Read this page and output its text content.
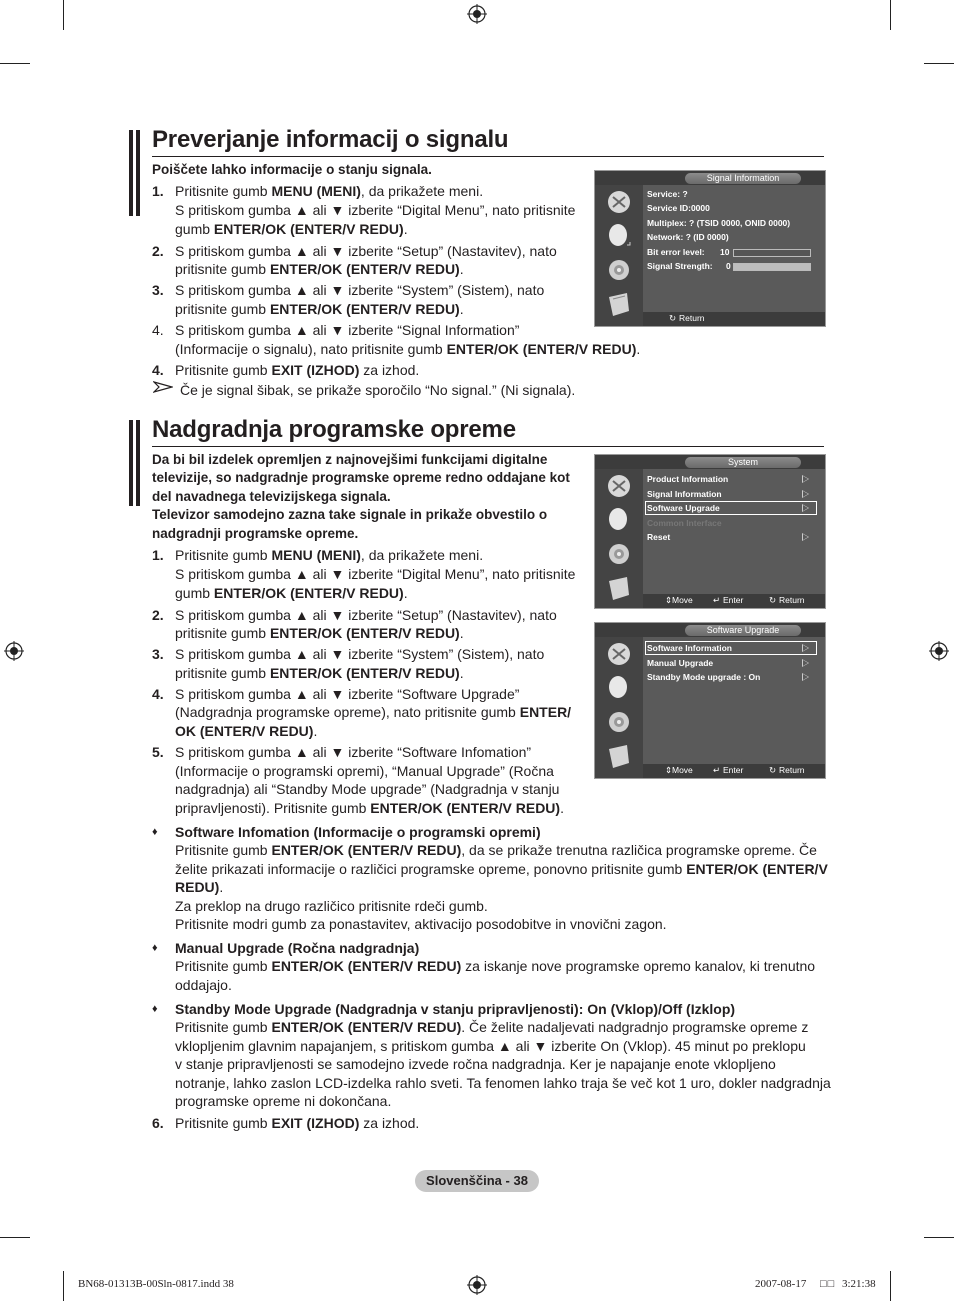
Preverjanje informacij o signalu
Poiščete lahko informacije o stanju signala.
1. Pritisnite gumb MENU (MENI), da prikažete meni.
S pritiskom gumba ▲ ali ▼ izberite “Digital Menu”, nato pritisnite
gumb ENTER/OK (ENTER/V REDU).
2. S pritiskom gumba ▲ ali ▼ izberite “Setup” (Nastavitev), nato
pritisnite gumb ENTER/OK (ENTER/V REDU).
3. S pritiskom gumba ▲ ali ▼ izberite “System” (Sistem), nato
pritisnite gumb ENTER/OK (ENTER/V REDU).
4. S pritiskom gumba ▲ ali ▼ izberite “Signal Information”
(Informacije o signalu), nato pritisnite gumb ENTER/OK (ENTER/V REDU).
4. Pritisnite gumb EXIT (IZHOD) za izhod.
Če je signal šibak, se prikaže sporočilo “No signal.” (Ni signala).
Signal Information
Service: ?
Service ID:0000
Multiplex: ? (TSID 0000, ONID 0000)
Network: ? (ID 0000)
Bit error level: 10
Signal Strength: 0
↻ Return
Nadgradnja programske opreme
Da bi bil izdelek opremljen z najnovejšimi funkcijami digitalne
televizije, so nadgradnje programske opreme redno oddajane kot
del navadnega televizijskega signala.
Televizor samodejno zazna take signale in prikaže obvestilo o
nadgradnji programske opreme.
1. Pritisnite gumb MENU (MENI), da prikažete meni.
S pritiskom gumba ▲ ali ▼ izberite “Digital Menu”, nato pritisnite
gumb ENTER/OK (ENTER/V REDU).
2. S pritiskom gumba ▲ ali ▼ izberite “Setup” (Nastavitev), nato
pritisnite gumb ENTER/OK (ENTER/V REDU).
3. S pritiskom gumba ▲ ali ▼ izberite “System” (Sistem), nato
pritisnite gumb ENTER/OK (ENTER/V REDU).
4. S pritiskom gumba ▲ ali ▼ izberite “Software Upgrade”
(Nadgradnja programske opreme), nato pritisnite gumb ENTER/
OK (ENTER/V REDU).
5. S pritiskom gumba ▲ ali ▼ izberite “Software Infomation”
(Informacije o programski opremi), “Manual Upgrade” (Ročna
nadgradnja) ali “Standby Mode upgrade” (Nadgradnja v stanju
pripravljenosti). Pritisnite gumb ENTER/OK (ENTER/V REDU).
System
Product Information
Signal Information
Software Upgrade
Common Interface
Reset
⇕ Move ↵ Enter	↻ Return
Software Upgrade
Software Information
Manual Upgrade
Standby Mode upgrade : On
⇕ Move ↵ Enter	↻ Return
♦ Software Infomation (Informacije o programski opremi)
Pritisnite gumb ENTER/OK (ENTER/V REDU), da se prikaže trenutna različica programske opreme. Če
želite prikazati informacije o različici programske opreme, ponovno pritisnite gumb ENTER/OK (ENTER/V
REDU).
Za preklop na drugo različico pritisnite rdeči gumb.
Pritisnite modri gumb za ponastavitev, aktivacijo posodobitve in vnovični zagon.
♦ Manual Upgrade (Ročna nadgradnja)
Pritisnite gumb ENTER/OK (ENTER/V REDU) za iskanje nove programske opremo kanalov, ki trenutno
oddajajo.
♦ Standby Mode Upgrade (Nadgradnja v stanju pripravljenosti): On (Vklop)/Off (Izklop)
Pritisnite gumb ENTER/OK (ENTER/V REDU). Če želite nadaljevati nadgradnjo programske opreme z
vklopljenim glavnim napajanjem, s pritiskom gumba ▲ ali ▼ izberite On (Vklop). 45 minut po preklopu
v stanje pripravljenosti se samodejno izvede ročna nadgradnja. Ker je napajanje enote vklopljeno
notranje, lahko zaslon LCD-izdelka rahlo sveti. Ta fenomen lahko traja še več kot 1 uro, dokler nadgradnja
programske opreme ni dokončana.
6. Pritisnite gumb EXIT (IZHOD) za izhod.
Slovenščina - 38
BN68-01313B-00Sln-0817.indd 38	2007-08-17 □□ 3:21:38
